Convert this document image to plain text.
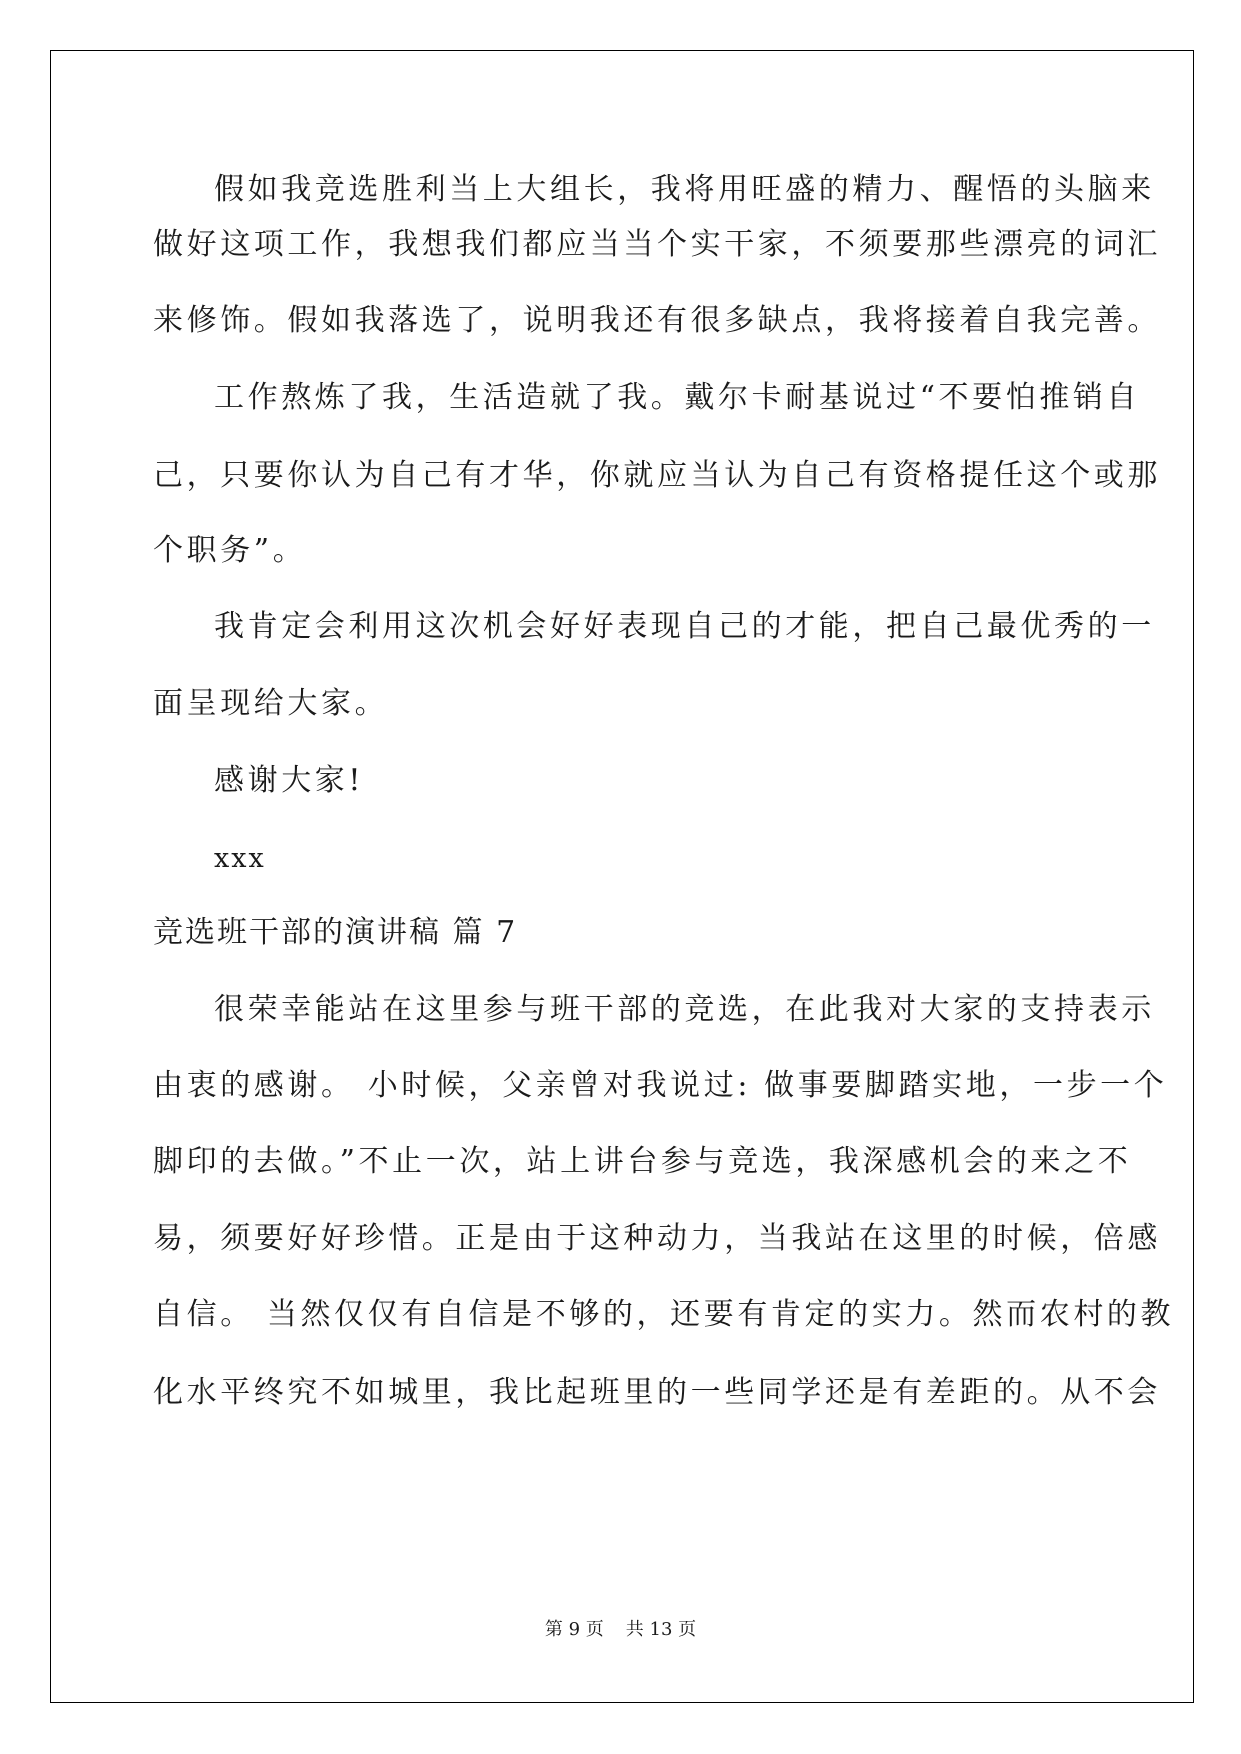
假如我竞选胜利当上大组长，我将用旺盛的精力、醒悟的头脑来
做好这项工作，我想我们都应当当个实干家，不须要那些漂亮的词汇
来修饰。假如我落选了，说明我还有很多缺点，我将接着自我完善。
工作熬炼了我，生活造就了我。戴尔卡耐基说过“不要怕推销自
己，只要你认为自己有才华，你就应当认为自己有资格提任这个或那
个职务”。
我肯定会利用这次机会好好表现自己的才能，把自己最优秀的一
面呈现给大家。
感谢大家!
xxx
竞选班干部的演讲稿 篇 7
很荣幸能站在这里参与班干部的竞选，在此我对大家的支持表示
由衷的感谢。 小时候，父亲曾对我说过: 做事要脚踏实地，一步一个
脚印的去做。”不止一次，站上讲台参与竞选，我深感机会的来之不
易，须要好好珍惜。正是由于这种动力，当我站在这里的时候，倍感
自信。 当然仅仅有自信是不够的，还要有肯定的实力。然而农村的教
化水平终究不如城里，我比起班里的一些同学还是有差距的。从不会
第 9 页 共 13 页
